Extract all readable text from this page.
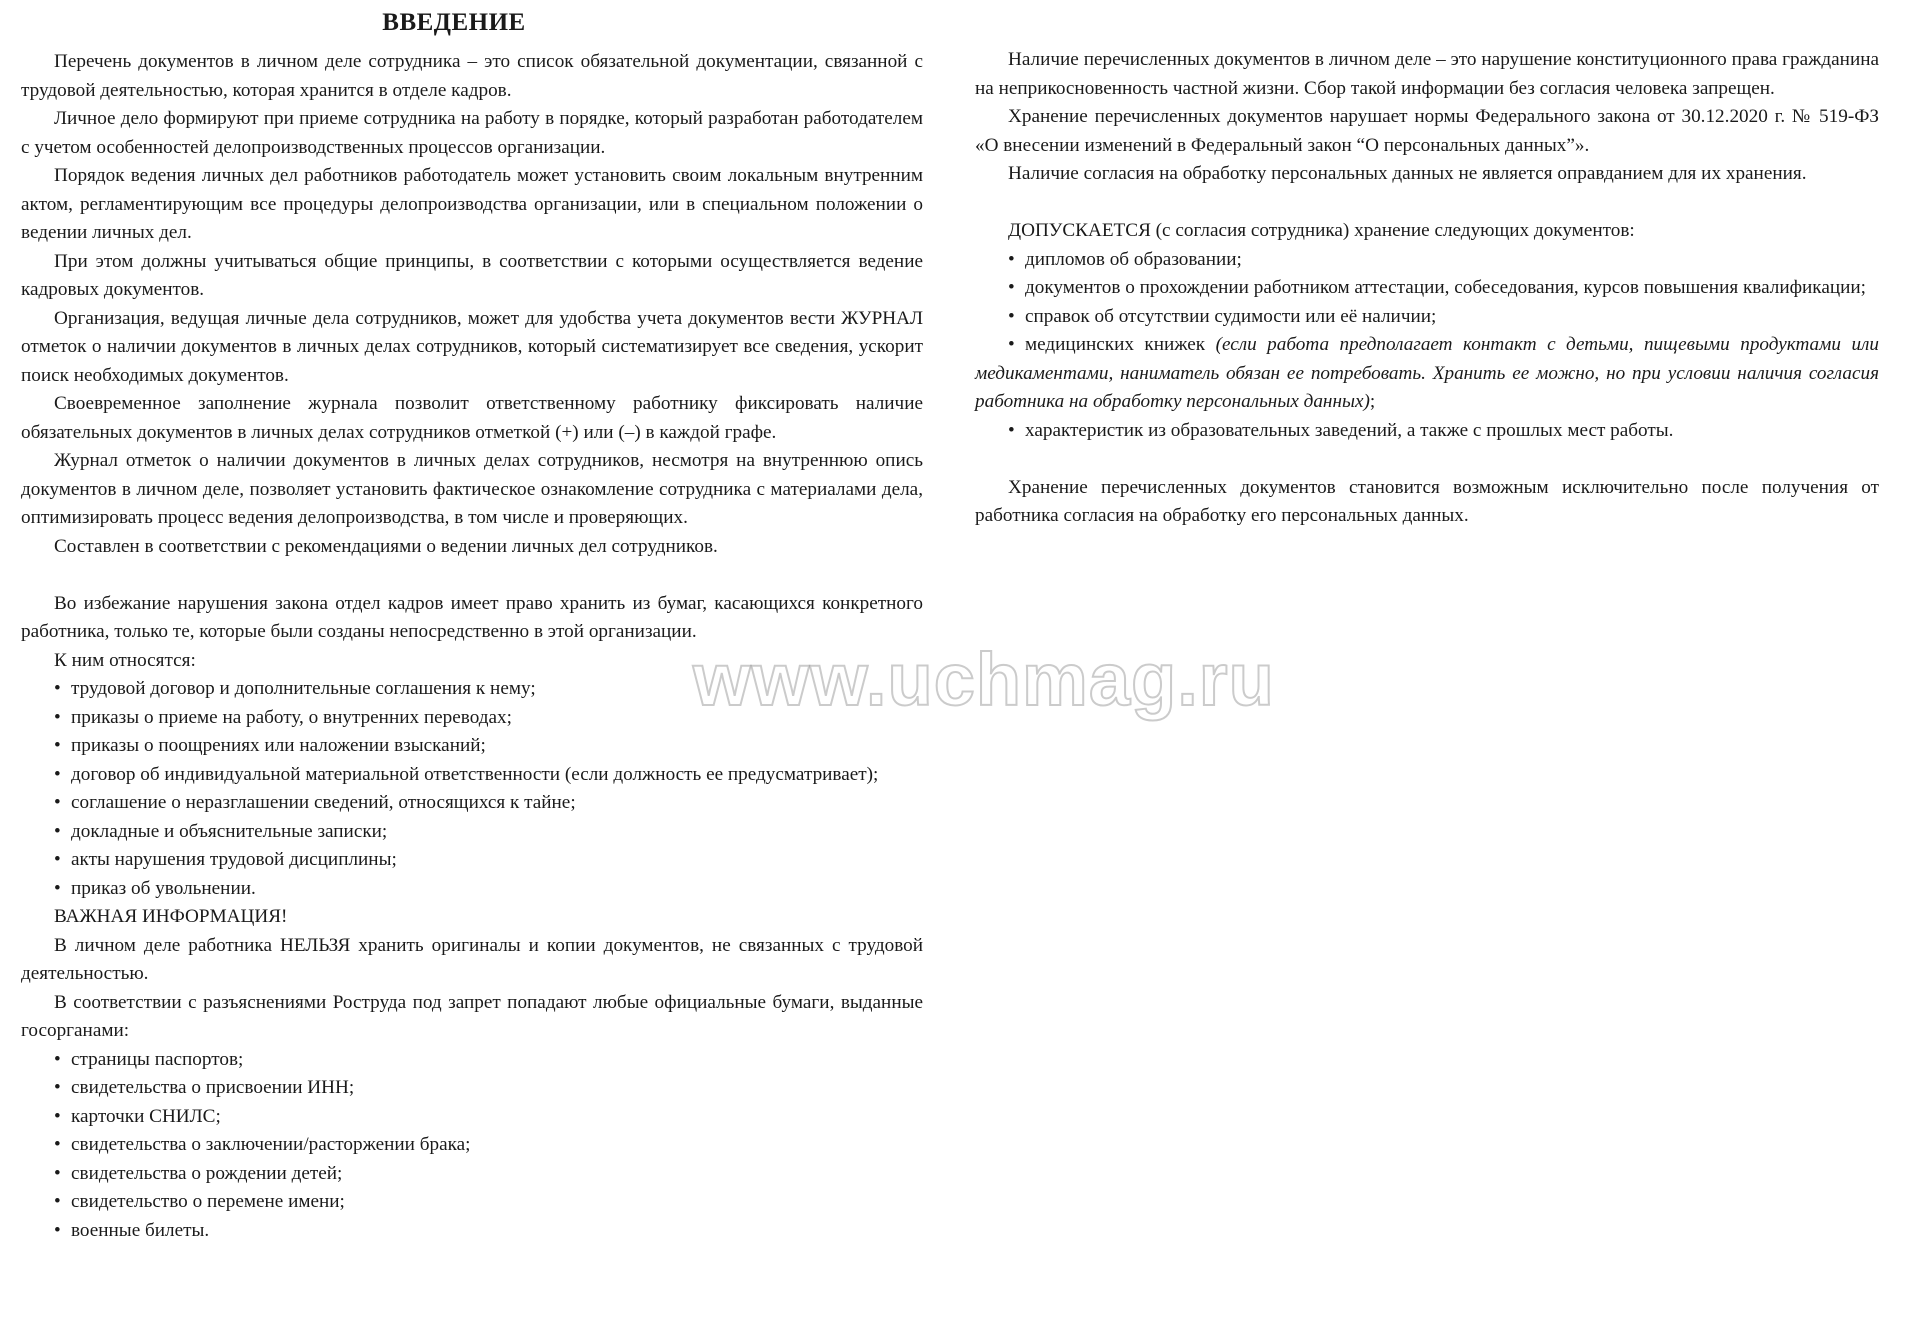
ВВЕДЕНИЕ

Перечень документов в личном деле сотрудника – это список обязательной документации, связанной с трудовой деятельностью, которая хранится в отделе кадров.

Личное дело формируют при приеме сотрудника на работу в порядке, который разработан работодателем с учетом особенностей делопроизводственных процессов организации.

Порядок ведения личных дел работников работодатель может установить своим локальным внутренним актом, регламентирующим все процедуры делопроизводства организации, или в специальном положении о ведении личных дел.

При этом должны учитываться общие принципы, в соответствии с которыми осуществляется ведение кадровых документов.

Организация, ведущая личные дела сотрудников, может для удобства учета документов вести ЖУРНАЛ отметок о наличии документов в личных делах сотрудников, который систематизирует все сведения, ускорит поиск необходимых документов.

Своевременное заполнение журнала позволит ответственному работнику фиксировать наличие обязательных документов в личных делах сотрудников отметкой (+) или (–) в каждой графе.

Журнал отметок о наличии документов в личных делах сотрудников, несмотря на внутреннюю опись документов в личном деле, позволяет установить фактическое ознакомление сотрудника с материалами дела, оптимизировать процесс ведения делопроизводства, в том числе и проверяющих.

Составлен в соответствии с рекомендациями о ведении личных дел сотрудников.

Во избежание нарушения закона отдел кадров имеет право хранить из бумаг, касающихся конкретного работника, только те, которые были созданы непосредственно в этой организации.

К ним относятся:

•трудовой договор и дополнительные соглашения к нему;
•приказы о приеме на работу, о внутренних переводах;
•приказы о поощрениях или наложении взысканий;
•договор об индивидуальной материальной ответственности (если должность ее предусматривает);
•соглашение о неразглашении сведений, относящихся к тайне;
•докладные и объяснительные записки;
•акты нарушения трудовой дисциплины;
•приказ об увольнении.

ВАЖНАЯ ИНФОРМАЦИЯ!

В личном деле работника НЕЛЬЗЯ хранить оригиналы и копии документов, не связанных с трудовой деятельностью.

В соответствии с разъяснениями Роструда под запрет попадают любые официальные бумаги, выданные госорганами:

•страницы паспортов;
•свидетельства о присвоении ИНН;
•карточки СНИЛС;
•свидетельства о заключении/расторжении брака;
•свидетельства о рождении детей;
•свидетельство о перемене имени;
•военные билеты.

Наличие перечисленных документов в личном деле – это нарушение конституционного права гражданина на неприкосновенность частной жизни. Сбор такой информации без согласия человека запрещен.

Хранение перечисленных документов нарушает нормы Федерального закона от 30.12.2020 г. № 519-ФЗ «О внесении изменений в Федеральный закон “О персональных данных”».

Наличие согласия на обработку персональных данных не является оправданием для их хранения.

ДОПУСКАЕТСЯ (с согласия сотрудника) хранение следующих документов:

•дипломов об образовании;
•документов о прохождении работником аттестации, собеседования, курсов повышения квалификации;
•справок об отсутствии судимости или её наличии;
•медицинских книжек (если работа предполагает контакт с детьми, пищевыми продуктами или медикаментами, наниматель обязан ее потребовать. Хранить ее можно, но при условии наличия согласия работника на обработку персональных данных);
•характеристик из образовательных заведений, а также с прошлых мест работы.

Хранение перечисленных документов становится возможным исключительно после получения от работника согласия на обработку его персональных данных.

www.uchmag.ru
